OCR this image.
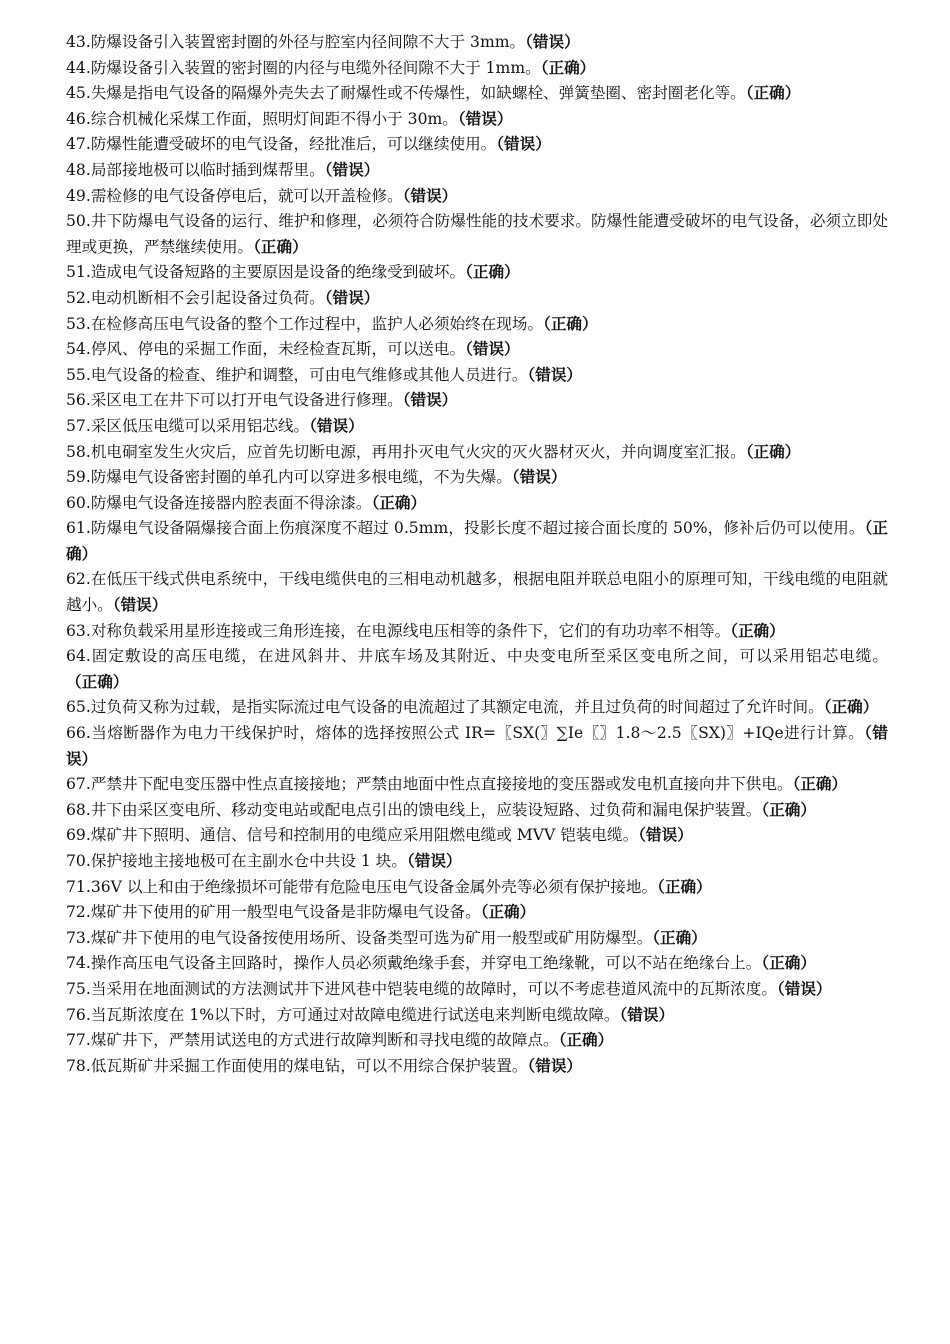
43.防爆设备引入装置密封圈的外径与腔室内径间隙不大于 3mm。（错误）

44.防爆设备引入装置的密封圈的内径与电缆外径间隙不大于 1mm。（正确）

45.失爆是指电气设备的隔爆外壳失去了耐爆性或不传爆性，如缺螺栓、弹簧垫圈、密封圈老化等。（正确）

46.综合机械化采煤工作面，照明灯间距不得小于 30m。（错误）

47.防爆性能遭受破坏的电气设备，经批准后，可以继续使用。（错误）

48.局部接地极可以临时插到煤帮里。（错误）

49.需检修的电气设备停电后，就可以开盖检修。（错误）

50.井下防爆电气设备的运行、维护和修理，必须符合防爆性能的技术要求。防爆性能遭受破坏的电气设备，必须立即处理或更换，严禁继续使用。（正确）

51.造成电气设备短路的主要原因是设备的绝缘受到破坏。（正确）

52.电动机断相不会引起设备过负荷。（错误）

53.在检修高压电气设备的整个工作过程中，监护人必须始终在现场。（正确）

54.停风、停电的采掘工作面，未经检查瓦斯，可以送电。（错误）

55.电气设备的检查、维护和调整，可由电气维修或其他人员进行。（错误）

56.采区电工在井下可以打开电气设备进行修理。（错误）

57.采区低压电缆可以采用铝芯线。（错误）

58.机电硐室发生火灾后，应首先切断电源，再用扑灭电气火灾的灭火器材灭火，并向调度室汇报。（正确）

59.防爆电气设备密封圈的单孔内可以穿进多根电缆，不为失爆。（错误）

60.防爆电气设备连接器内腔表面不得涂漆。（正确）

61.防爆电气设备隔爆接合面上伤痕深度不超过 0.5mm，投影长度不超过接合面长度的 50%，修补后仍可以使用。（正确）

62.在低压干线式供电系统中，干线电缆供电的三相电动机越多，根据电阻并联总电阻小的原理可知，干线电缆的电阻就越小。（错误）

63.对称负载采用星形连接或三角形连接，在电源线电压相等的条件下，它们的有功功率不相等。（正确）

64.固定敷设的高压电缆，在进风斜井、井底车场及其附近、中央变电所至采区变电所之间，可以采用铝芯电缆。（正确）

65.过负荷又称为过载，是指实际流过电气设备的电流超过了其额定电流，并且过负荷的时间超过了允许时间。（正确）

66.当熔断器作为电力干线保护时，熔体的选择按照公式 IR=〖SX(〗∑Ie〖〗1.8～2.5〖SX)〗+IQe进行计算。（错误）

67.严禁井下配电变压器中性点直接接地；严禁由地面中性点直接接地的变压器或发电机直接向井下供电。（正确）

68.井下由采区变电所、移动变电站或配电点引出的馈电线上，应装设短路、过负荷和漏电保护装置。（正确）

69.煤矿井下照明、通信、信号和控制用的电缆应采用阻燃电缆或 MVV 铠装电缆。（错误）

70.保护接地主接地极可在主副水仓中共设 1 块。（错误）

71.36V 以上和由于绝缘损坏可能带有危险电压电气设备金属外壳等必须有保护接地。（正确）

72.煤矿井下使用的矿用一般型电气设备是非防爆电气设备。（正确）

73.煤矿井下使用的电气设备按使用场所、设备类型可选为矿用一般型或矿用防爆型。（正确）

74.操作高压电气设备主回路时，操作人员必须戴绝缘手套，并穿电工绝缘靴，可以不站在绝缘台上。（正确）

75.当采用在地面测试的方法测试井下进风巷中铠装电缆的故障时，可以不考虑巷道风流中的瓦斯浓度。（错误）

76.当瓦斯浓度在 1%以下时，方可通过对故障电缆进行试送电来判断电缆故障。（错误）

77.煤矿井下，严禁用试送电的方式进行故障判断和寻找电缆的故障点。（正确）

78.低瓦斯矿井采掘工作面使用的煤电钻，可以不用综合保护装置。（错误）
